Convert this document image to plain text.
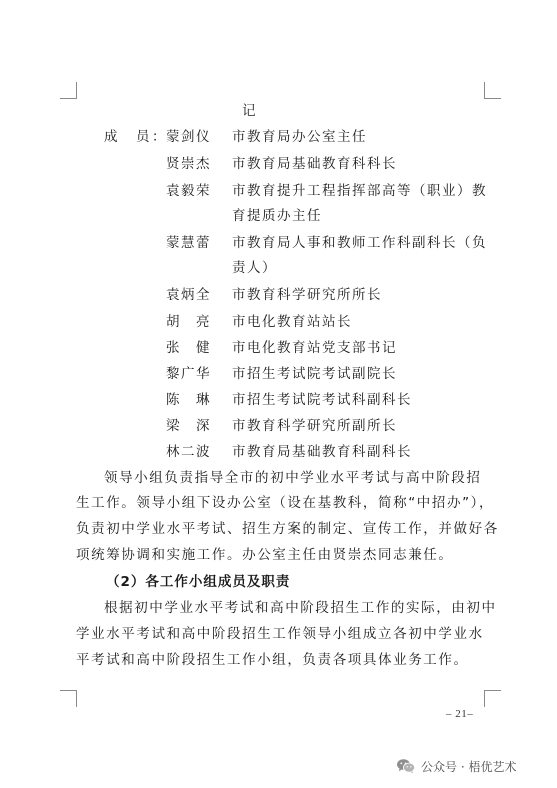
记
成　员：
蒙剑仪 市教育局办公室主任
贤崇杰 市教育局基础教育科科长
袁毅荣 市教育提升工程指挥部高等（职业）教
育提质办主任
蒙慧蕾 市教育局人事和教师工作科副科长（负
责人）
袁炳全 市教育科学研究所所长
胡　亮 市电化教育站站长
张　健 市电化教育站党支部书记
黎广华 市招生考试院考试副院长
陈　琳 市招生考试院考试科副科长
梁　深 市教育科学研究所副所长
林二波 市教育局基础教育科副科长
领导小组负责指导全市的初中学业水平考试与高中阶段招
生工作。领导小组下设办公室（设在基教科，简称“中招办”），
负责初中学业水平考试、招生方案的制定、宣传工作，并做好各
项统筹协调和实施工作。办公室主任由贤崇杰同志兼任。
（2）各工作小组成员及职责
根据初中学业水平考试和高中阶段招生工作的实际，由初中
学业水平考试和高中阶段招生工作领导小组成立各初中学业水
平考试和高中阶段招生工作小组，负责各项具体业务工作。
– 21–
公众号 · 梧优艺术
